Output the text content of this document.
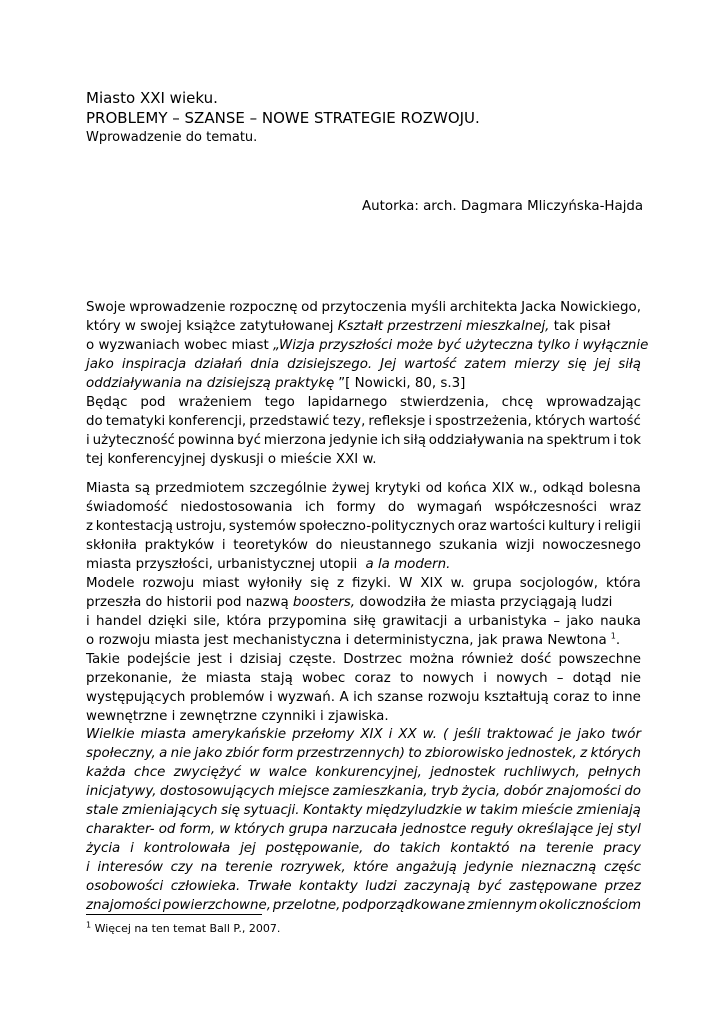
Miasto XXI wieku.
PROBLEMY – SZANSE – NOWE STRATEGIE ROZWOJU.
Wprowadzenie do tematu.
Autorka: arch. Dagmara Mliczyńska-Hajda
Swoje wprowadzenie rozpocznę od przytoczenia myśli architekta Jacka Nowickiego,
który w swojej książce zatytułowanej Kształt przestrzeni mieszkalnej, tak pisał
o wyzwaniach wobec miast „Wizja przyszłości może być użyteczna tylko i wyłącznie
jako inspiracja działań dnia dzisiejszego. Jej wartość zatem mierzy się jej siłą
oddziaływania na dzisiejszą praktykę ”[ Nowicki, 80, s.3]
Będąc pod wrażeniem tego lapidarnego stwierdzenia, chcę wprowadzając
do tematyki konferencji, przedstawić tezy, refleksje i spostrzeżenia, których wartość
i użyteczność powinna być mierzona jedynie ich siłą oddziaływania na spektrum i tok
tej konferencyjnej dyskusji o mieście XXI w.
Miasta są przedmiotem szczególnie żywej krytyki od końca XIX w., odkąd bolesna
świadomość niedostosowania ich formy do wymagań współczesności wraz
z kontestacją ustroju, systemów społeczno-politycznych oraz wartości kultury i religii
skłoniła praktyków i teoretyków do nieustannego szukania wizji nowoczesnego
miasta przyszłości, urbanistycznej utopii a la modern.
Modele rozwoju miast wyłoniły się z fizyki. W XIX w. grupa socjologów, która
przeszła do historii pod nazwą boosters, dowodziła że miasta przyciągają ludzi
i handel dzięki sile, która przypomina siłę grawitacji a urbanistyka – jako nauka
o rozwoju miasta jest mechanistyczna i deterministyczna, jak prawa Newtona $^1$.
Takie podejście jest i dzisiaj częste. Dostrzec można również dość powszechne
przekonanie, że miasta stają wobec coraz to nowych i nowych – dotąd nie
występujących problemów i wyzwań. A ich szanse rozwoju kształtują coraz to inne
wewnętrzne i zewnętrzne czynniki i zjawiska.
Wielkie miasta amerykańskie przełomy XIX i XX w. ( jeśli traktować je jako twór
społeczny, a nie jako zbiór form przestrzennych) to zbiorowisko jednostek, z których
każda chce zwyciężyć w walce konkurencyjnej, jednostek ruchliwych, pełnych
inicjatywy, dostosowujących miejsce zamieszkania, tryb życia, dobór znajomości do
stale zmieniających się sytuacji. Kontakty międzyludzkie w takim mieście zmieniają
charakter- od form, w których grupa narzucała jednostce reguły określające jej styl
życia i kontrolowała jej postępowanie, do takich kontaktó na terenie pracy
i interesów czy na terenie rozrywek, które angażują jedynie nieznaczną częśc
osobowości człowieka. Trwałe kontakty ludzi zaczynają być zastępowane przez
znajomości powierzchowne, przelotne, podporządkowane zmiennym okolicznościom
$^1$ Więcej na ten temat Ball P., 2007.
